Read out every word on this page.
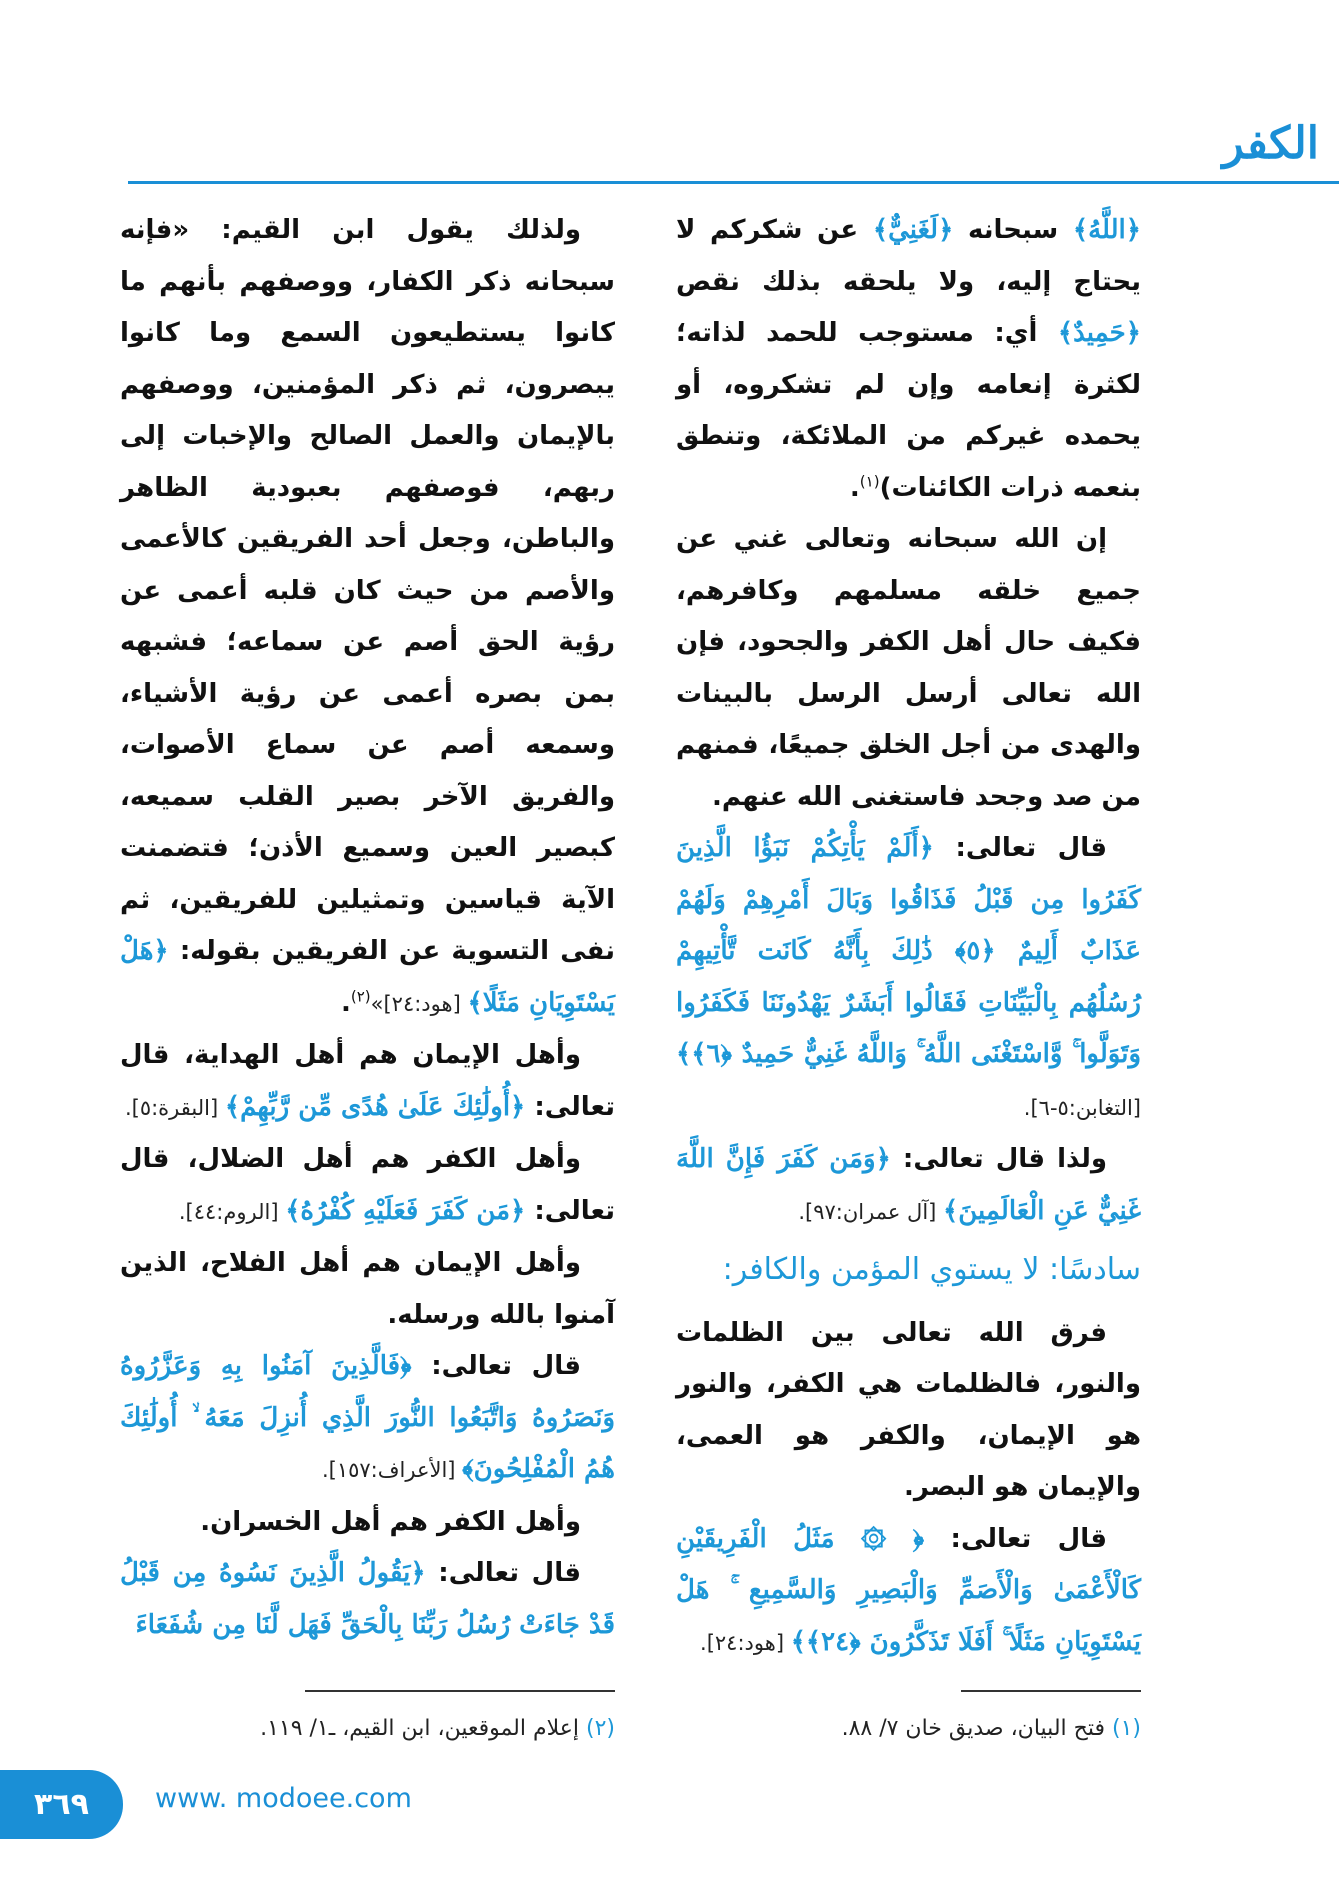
الكفر

﴿اللَّهُ﴾ سبحانه ﴿لَغَنِيٌّ﴾ عن شكركم لا يحتاج إليه، ولا يلحقه بذلك نقص ﴿حَمِيدٌ﴾ أي: مستوجب للحمد لذاته؛ لكثرة إنعامه وإن لم تشكروه، أو يحمده غيركم من الملائكة، وتنطق بنعمه ذرات الكائنات)$^{(١)}$.

إن الله سبحانه وتعالى غني عن جميع خلقه مسلمهم وكافرهم، فكيف حال أهل الكفر والجحود، فإن الله تعالى أرسل الرسل بالبينات والهدى من أجل الخلق جميعًا، فمنهم من صد وجحد فاستغنى الله عنهم.

قال تعالى: ﴿أَلَمْ يَأْتِكُمْ نَبَؤُا الَّذِينَ كَفَرُوا مِن قَبْلُ فَذَاقُوا وَبَالَ أَمْرِهِمْ وَلَهُمْ عَذَابٌ أَلِيمٌ ﴿٥﴾ ذَٰلِكَ بِأَنَّهُ كَانَت تَّأْتِيهِمْ رُسُلُهُم بِالْبَيِّنَاتِ فَقَالُوا أَبَشَرٌ يَهْدُونَنَا فَكَفَرُوا وَتَوَلَّوا ۚ وَّاسْتَغْنَى اللَّهُ ۚ وَاللَّهُ غَنِيٌّ حَمِيدٌ ﴿٦﴾﴾ [التغابن:٥-٦].

ولذا قال تعالى: ﴿وَمَن كَفَرَ فَإِنَّ اللَّهَ غَنِيٌّ عَنِ الْعَالَمِينَ﴾ [آل عمران:٩٧].

سادسًا: لا يستوي المؤمن والكافر:

فرق الله تعالى بين الظلمات والنور، فالظلمات هي الكفر، والنور هو الإيمان، والكفر هو العمى، والإيمان هو البصر.

قال تعالى: ﴿ ۞ مَثَلُ الْفَرِيقَيْنِ كَالْأَعْمَىٰ وَالْأَصَمِّ وَالْبَصِيرِ وَالسَّمِيعِ ۚ هَلْ يَسْتَوِيَانِ مَثَلًا ۚ أَفَلَا تَذَكَّرُونَ ﴿٢٤﴾﴾ [هود:٢٤].

ولذلك يقول ابن القيم: «فإنه سبحانه ذكر الكفار، ووصفهم بأنهم ما كانوا يستطيعون السمع وما كانوا يبصرون، ثم ذكر المؤمنين، ووصفهم بالإيمان والعمل الصالح والإخبات إلى ربهم، فوصفهم بعبودية الظاهر والباطن، وجعل أحد الفريقين كالأعمى والأصم من حيث كان قلبه أعمى عن رؤية الحق أصم عن سماعه؛ فشبهه بمن بصره أعمى عن رؤية الأشياء، وسمعه أصم عن سماع الأصوات، والفريق الآخر بصير القلب سميعه، كبصير العين وسميع الأذن؛ فتضمنت الآية قياسين وتمثيلين للفريقين، ثم نفى التسوية عن الفريقين بقوله: ﴿هَلْ يَسْتَوِيَانِ مَثَلًا﴾ [هود:٢٤]»$^{(٢)}$.

وأهل الإيمان هم أهل الهداية، قال تعالى: ﴿أُولَٰئِكَ عَلَىٰ هُدًى مِّن رَّبِّهِمْ﴾ [البقرة:٥].

وأهل الكفر هم أهل الضلال، قال تعالى: ﴿مَن كَفَرَ فَعَلَيْهِ كُفْرُهُ﴾ [الروم:٤٤].

وأهل الإيمان هم أهل الفلاح، الذين آمنوا بالله ورسله.

قال تعالى: ﴿فَالَّذِينَ آمَنُوا بِهِ وَعَزَّرُوهُ وَنَصَرُوهُ وَاتَّبَعُوا النُّورَ الَّذِي أُنزِلَ مَعَهُ ۙ أُولَٰئِكَ هُمُ الْمُفْلِحُونَ﴾ [الأعراف:١٥٧].

وأهل الكفر هم أهل الخسران.

قال تعالى: ﴿يَقُولُ الَّذِينَ نَسُوهُ مِن قَبْلُ قَدْ جَاءَتْ رُسُلُ رَبِّنَا بِالْحَقِّ فَهَل لَّنَا مِن شُفَعَاءَ

(١) فتح البيان، صديق خان ٧/ ٨٨.
(٢) إعلام الموقعين، ابن القيم، ـ١/ ١١٩.
٣٦٩	www. modoee.com
